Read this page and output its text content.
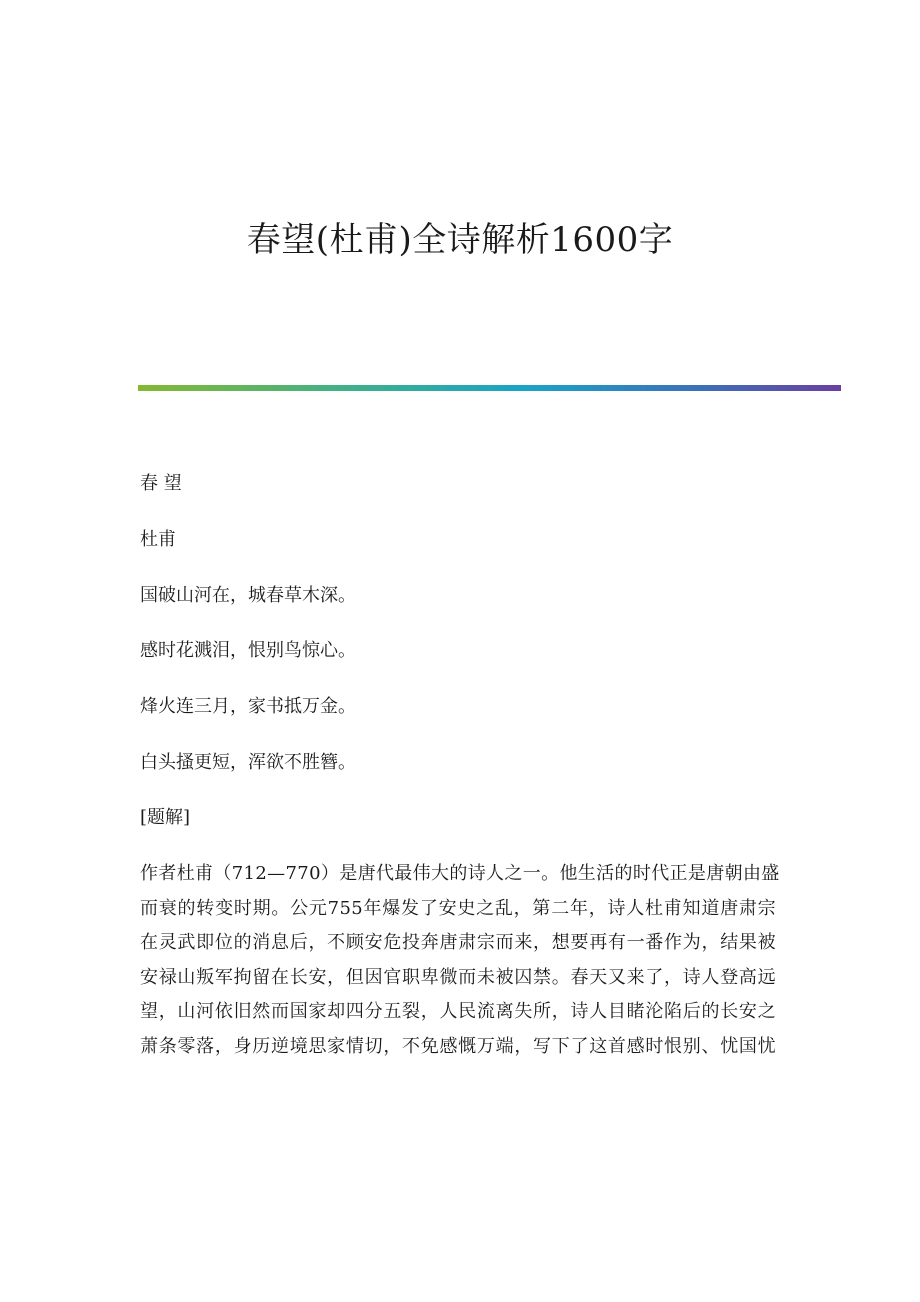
春望(杜甫)全诗解析1600字

春 望

杜甫

国破山河在，城春草木深。

感时花溅泪，恨别鸟惊心。

烽火连三月，家书抵万金。

白头搔更短，浑欲不胜簪。

[题解]

作者杜甫（712—770）是唐代最伟大的诗人之一。他生活的时代正是唐朝由盛
而衰的转变时期。公元755年爆发了安史之乱，第二年，诗人杜甫知道唐肃宗
在灵武即位的消息后，不顾安危投奔唐肃宗而来，想要再有一番作为，结果被
安禄山叛军拘留在长安，但因官职卑微而未被囚禁。春天又来了，诗人登高远
望，山河依旧然而国家却四分五裂，人民流离失所，诗人目睹沦陷后的长安之
萧条零落，身历逆境思家情切，不免感慨万端，写下了这首感时恨别、忧国忧
